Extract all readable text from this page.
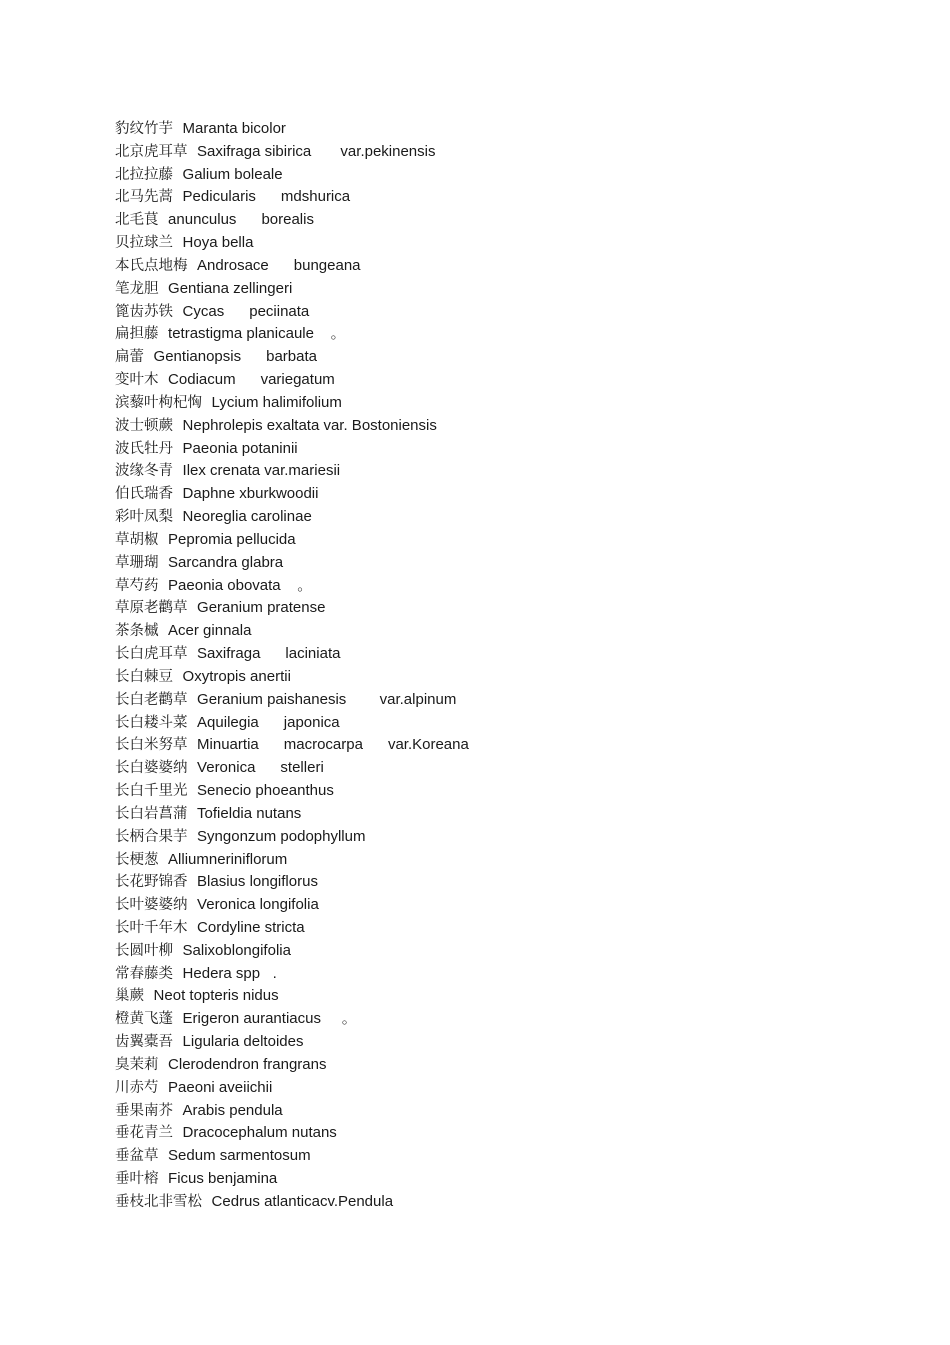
豹纹竹芋 Maranta bicolor
北京虎耳草 Saxifraga sibirica       var.pekinensis
北拉拉藤 Galium boleale
北马先蒿 Pedicularis      mdshurica
北毛茛 anunculus      borealis
贝拉球兰 Hoya bella
本氏点地梅 Androsace      bungeana
笔龙胆 Gentiana zellingeri
篦齿苏铁 Cycas      peciinata
扁担藤 tetrastigma planicaule    。
扁蕾 Gentianopsis      barbata
变叶木 Codiacum      variegatum
滨藜叶枸杞恟 Lycium halimifolium
波士顿蕨 Nephrolepis exaltata var. Bostoniensis
波氏牡丹 Paeonia potaninii
波缘冬青 Ilex crenata var.mariesii
伯氏瑞香 Daphne xburkwoodii
彩叶凤梨 Neoreglia carolinae
草胡椒 Pepromia pellucida
草珊瑚 Sarcandra glabra
草芍药 Paeonia obovata    。
草原老鹳草 Geranium pratense
茶条槭 Acer ginnala
长白虎耳草 Saxifraga      laciniata
长白棘豆 Oxytropis anertii
长白老鹳草 Geranium paishanesis        var.alpinum
长白耧斗菜 Aquilegia      japonica
长白米努草 Minuartia      macrocarpa      var.Koreana
长白婆婆纳 Veronica      stelleri
长白千里光 Senecio phoeanthus
长白岩菖蒲 Tofieldia nutans
长柄合果芋 Syngonzum podophyllum
长梗葱 Alliumneriniflorum
长花野锦香 Blasius longiflorus
长叶婆婆纳 Veronica longifolia
长叶千年木 Cordyline stricta
长圆叶柳 Salixoblongifolia
常春藤类 Hedera spp   .
巢蕨 Neot topteris nidus
橙黄飞蓬 Erigeron aurantiacus     。
齿翼橐吾 Ligularia deltoides
臭茉莉 Clerodendron frangrans
川赤芍 Paeoni aveiichii
垂果南芥 Arabis pendula
垂花青兰 Dracocephalum nutans
垂盆草 Sedum sarmentosum
垂叶榕 Ficus benjamina
垂枝北非雪松 Cedrus atlanticacv.Pendula
